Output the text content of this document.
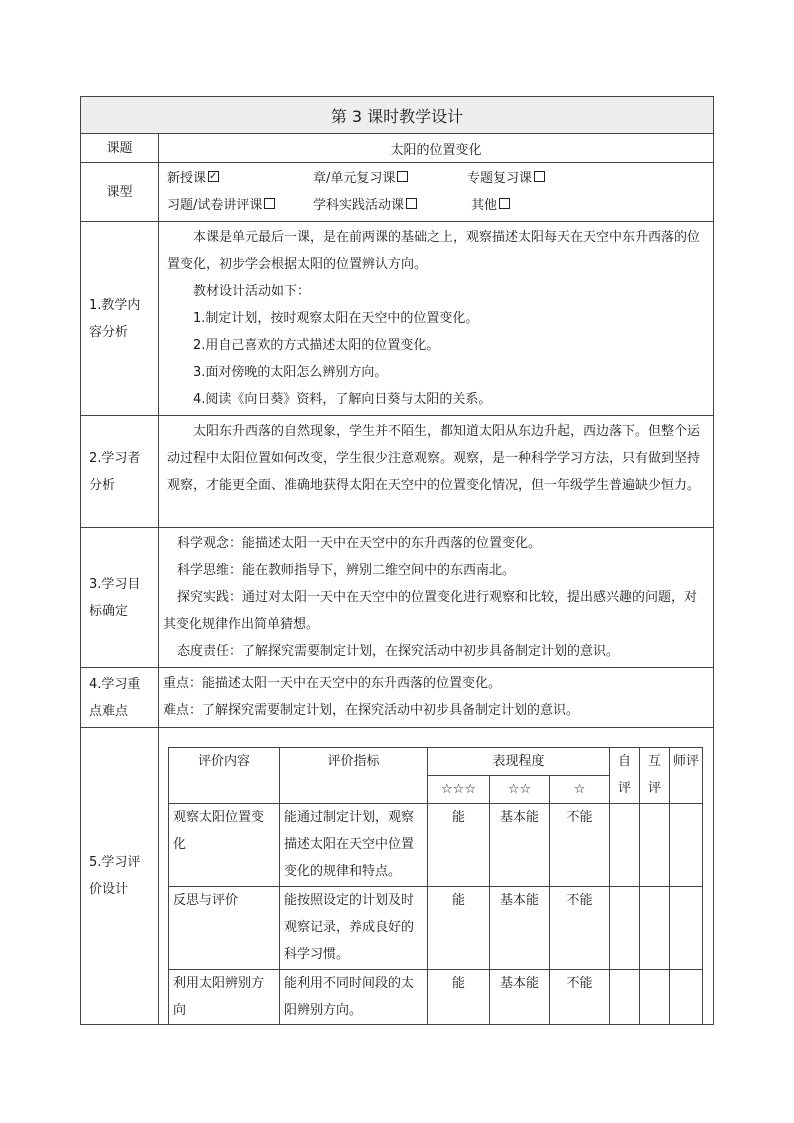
第 3 课时教学设计
课题	太阳的位置变化
课型	
新授课✓	章/单元复习课	专题复习课
习题/试卷讲评课	学科实践活动课	其他

1.教学内
容分析

本课是单元最后一课，是在前两课的基础之上，观察描述太阳每天在天空中东升西落的位置变化，初步学会根据太阳的位置辨认方向。
教材设计活动如下：
1.制定计划，按时观察太阳在天空中的位置变化。
2.用自己喜欢的方式描述太阳的位置变化。
3.面对傍晚的太阳怎么辨别方向。
4.阅读《向日葵》资料，了解向日葵与太阳的关系。

2.学习者
分析

太阳东升西落的自然现象，学生并不陌生，都知道太阳从东边升起，西边落下。但整个运动过程中太阳位置如何改变，学生很少注意观察。观察，是一种科学学习方法，只有做到坚持观察，才能更全面、准确地获得太阳在天空中的位置变化情况，但一年级学生普遍缺少恒力。

3.学习目
标确定

科学观念：能描述太阳一天中在天空中的东升西落的位置变化。
科学思维：能在教师指导下，辨别二维空间中的东西南北。
探究实践：通过对太阳一天中在天空中的位置变化进行观察和比较，提出感兴趣的问题，对其变化规律作出简单猜想。
态度责任：了解探究需要制定计划，在探究活动中初步具备制定计划的意识。

4.学习重
点难点

重点：能描述太阳一天中在天空中的东升西落的位置变化。
难点：了解探究需要制定计划，在探究活动中初步具备制定计划的意识。

5.学习评
价设计

评价内容	评价指标	表现程度	自评	互评	师评
☆☆☆	☆☆	☆
观察太阳位置变化	能通过制定计划，观察描述太阳在天空中位置变化的规律和特点。	能	基本能	不能			
反思与评价	能按照设定的计划及时观察记录，养成良好的科学习惯。	能	基本能	不能			
利用太阳辨别方向	能利用不同时间段的太阳辨别方向。	能	基本能	不能			
